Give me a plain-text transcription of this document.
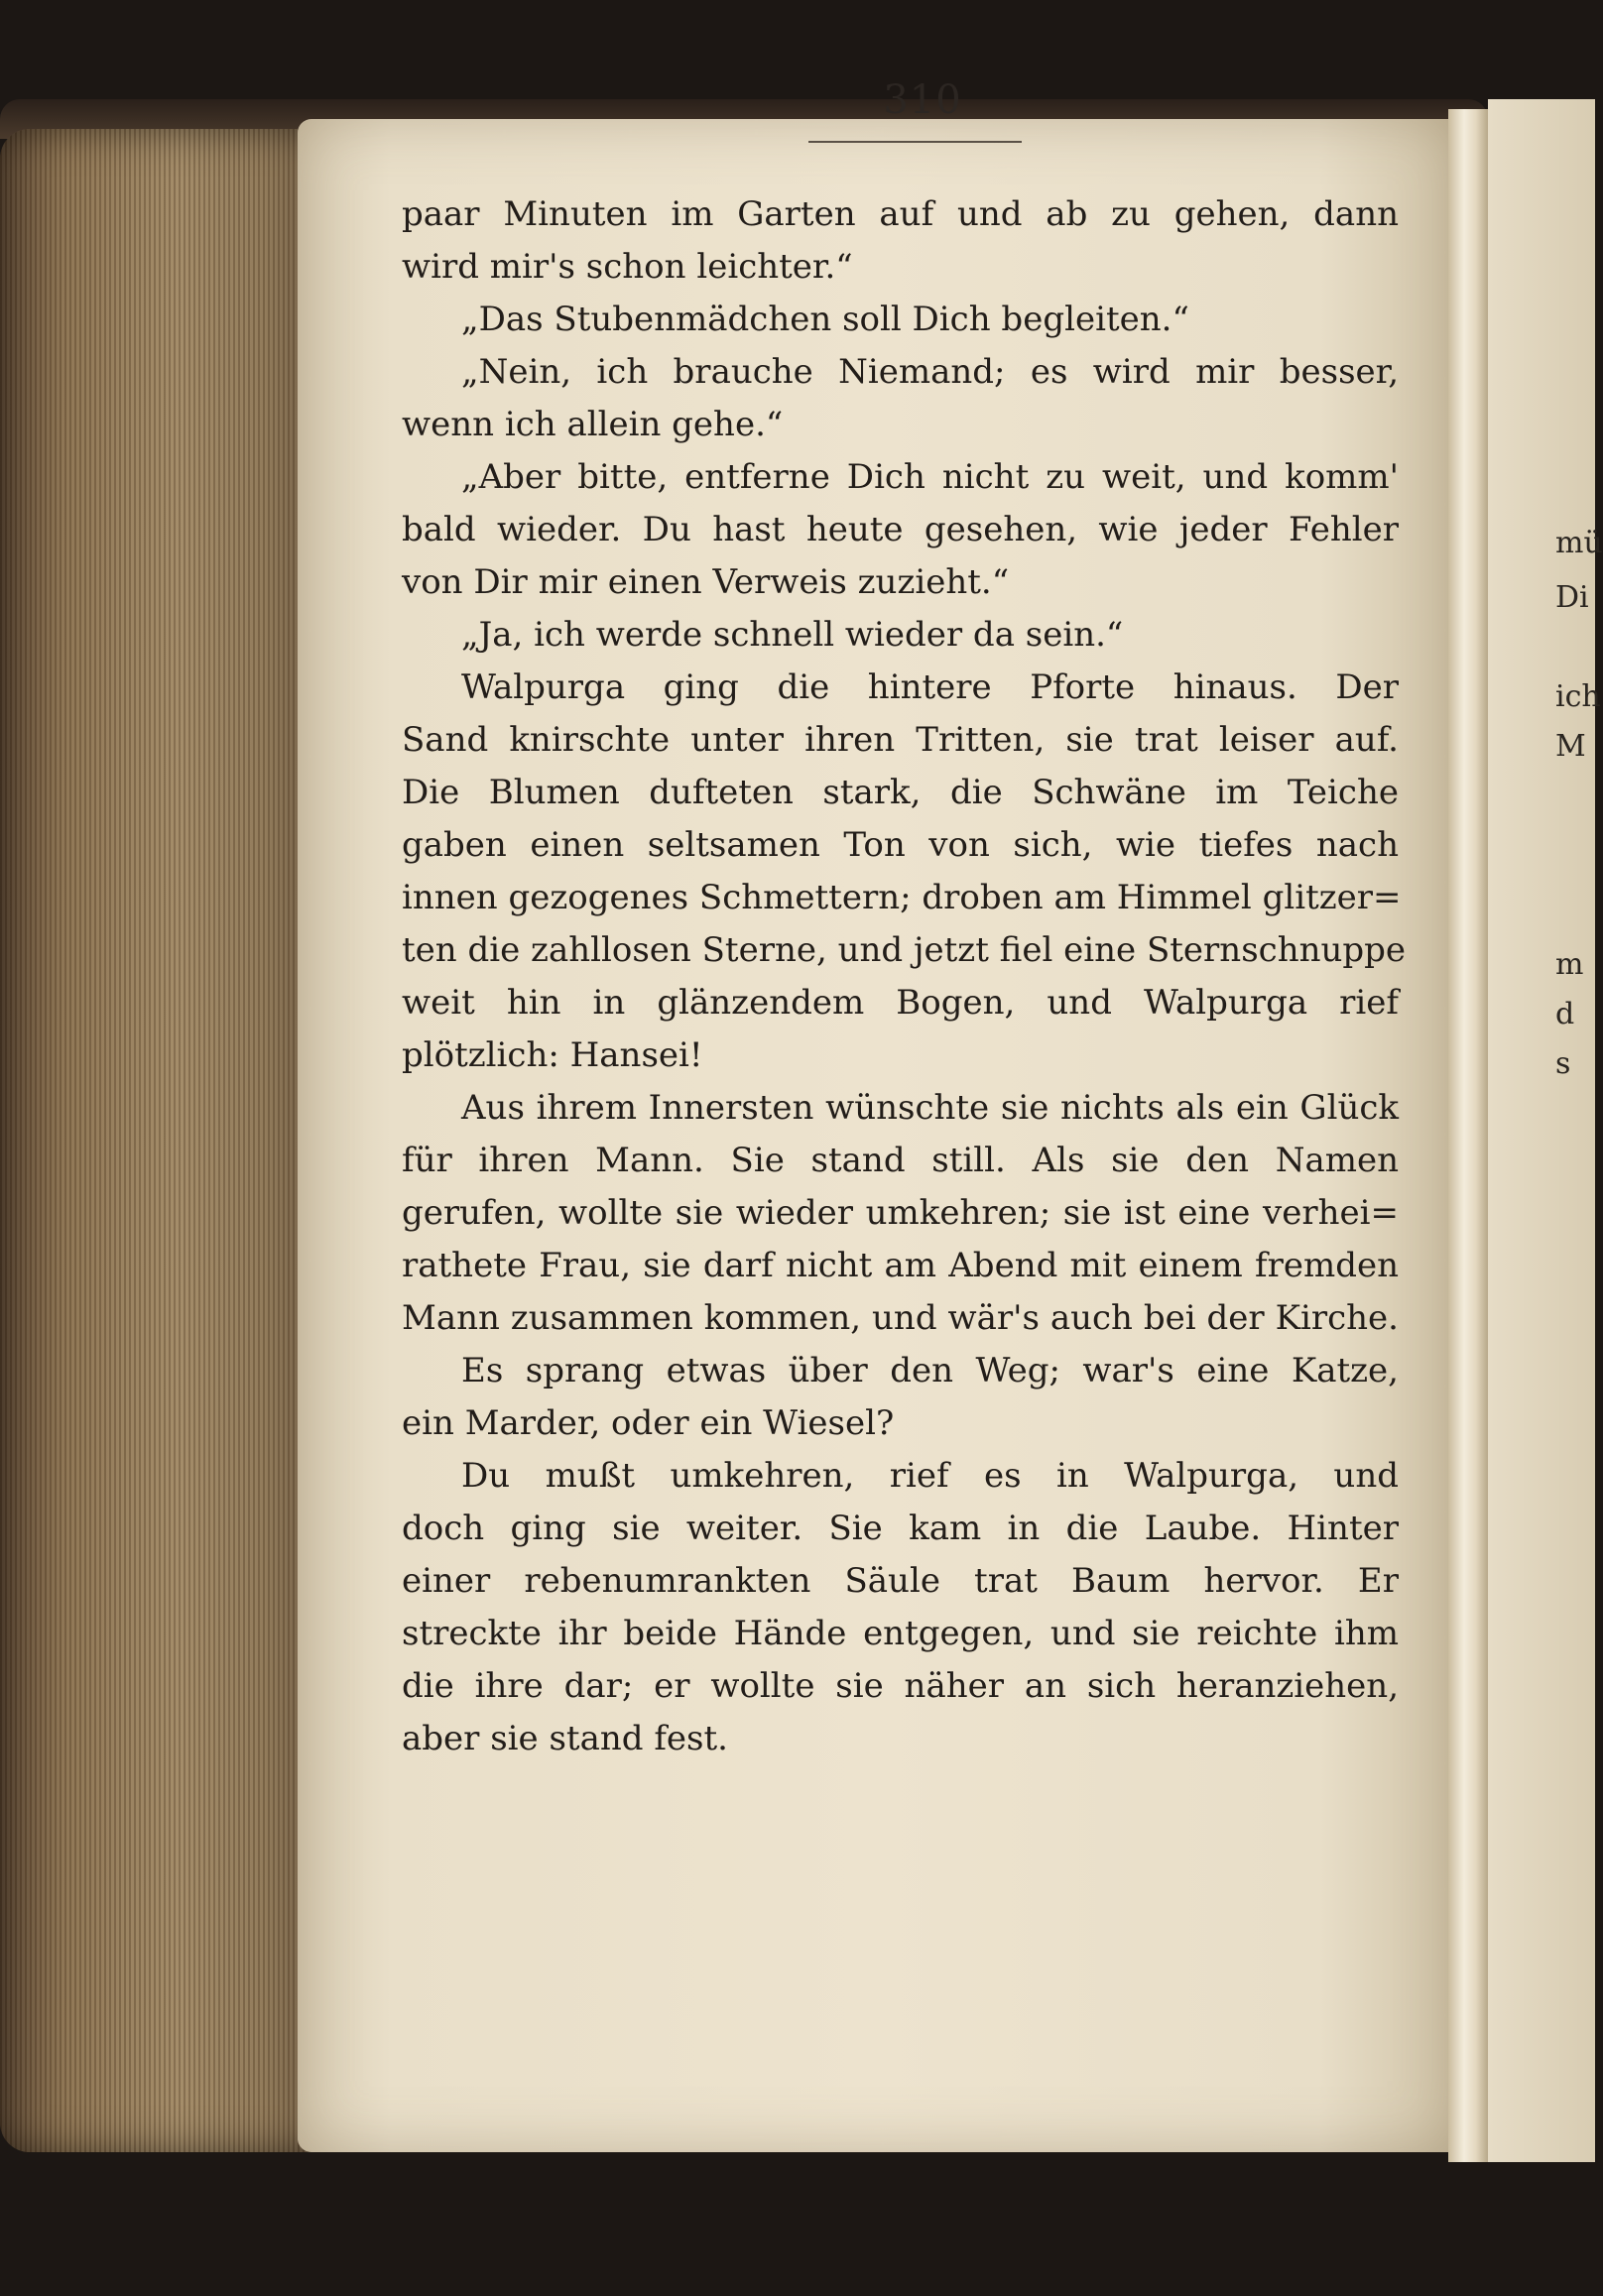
mü
Di
ich
M
m
d
s
310
paar Minuten im Garten auf und ab zu gehen, dann
wird mir's schon leichter.“
„Das Stubenmädchen soll Dich begleiten.“
„Nein, ich brauche Niemand; es wird mir besser,
wenn ich allein gehe.“
„Aber bitte, entferne Dich nicht zu weit, und komm'
bald wieder. Du hast heute gesehen, wie jeder Fehler
von Dir mir einen Verweis zuzieht.“
„Ja, ich werde schnell wieder da sein.“
Walpurga ging die hintere Pforte hinaus. Der
Sand knirschte unter ihren Tritten, sie trat leiser auf.
Die Blumen dufteten stark, die Schwäne im Teiche
gaben einen seltsamen Ton von sich, wie tiefes nach
innen gezogenes Schmettern; droben am Himmel glitzer=
ten die zahllosen Sterne, und jetzt fiel eine Sternschnuppe
weit hin in glänzendem Bogen, und Walpurga rief
plötzlich: Hansei!
Aus ihrem Innersten wünschte sie nichts als ein Glück
für ihren Mann. Sie stand still. Als sie den Namen
gerufen, wollte sie wieder umkehren; sie ist eine verhei=
rathete Frau, sie darf nicht am Abend mit einem fremden
Mann zusammen kommen, und wär's auch bei der Kirche.
Es sprang etwas über den Weg; war's eine Katze,
ein Marder, oder ein Wiesel?
Du mußt umkehren, rief es in Walpurga, und
doch ging sie weiter. Sie kam in die Laube. Hinter
einer rebenumrankten Säule trat Baum hervor. Er
streckte ihr beide Hände entgegen, und sie reichte ihm
die ihre dar; er wollte sie näher an sich heranziehen,
aber sie stand fest.
